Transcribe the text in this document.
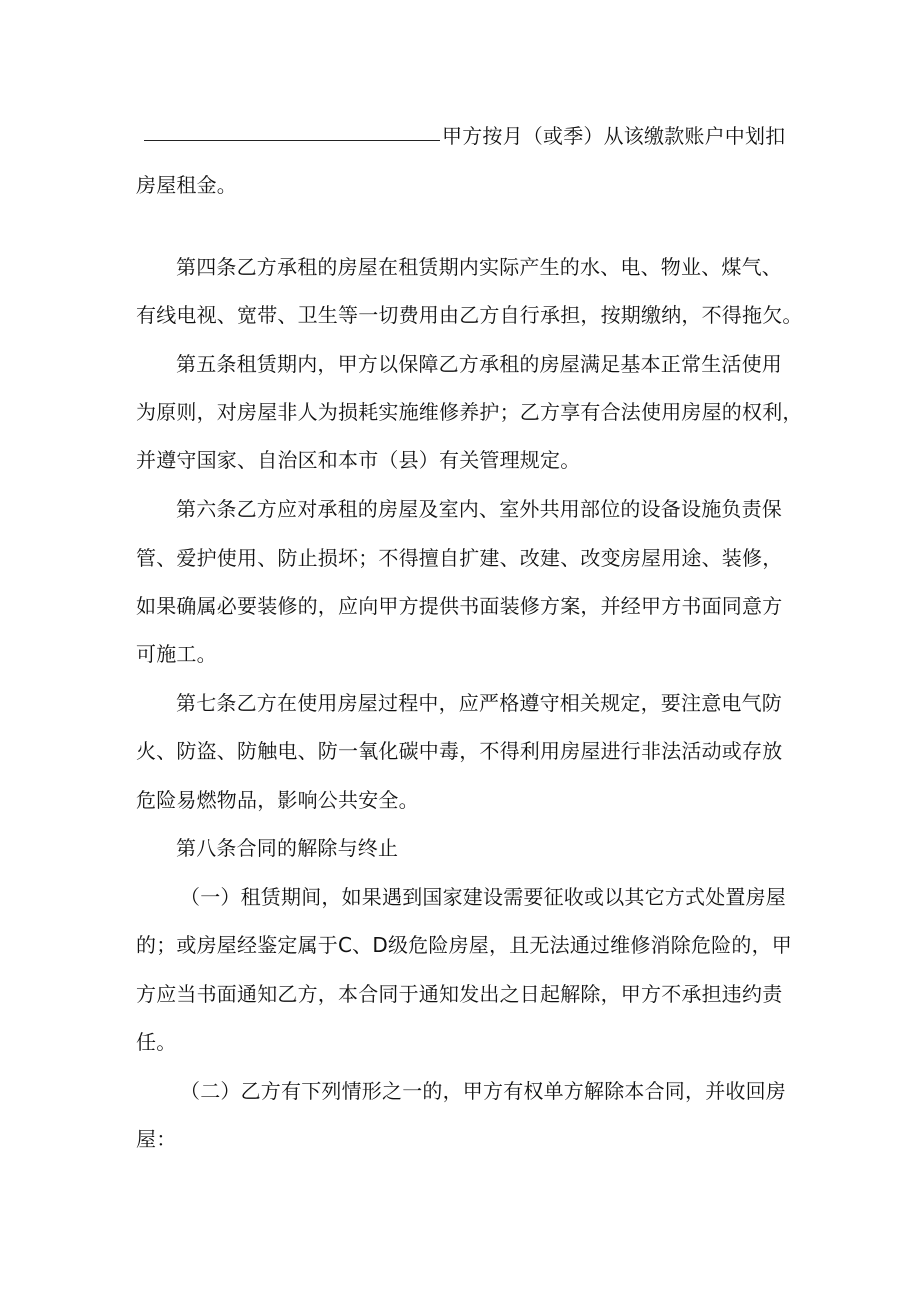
甲方按月（或季）从该缴款账户中划扣
房屋租金。
第四条乙方承租的房屋在租赁期内实际产生的水、电、物业、煤气、
有线电视、宽带、卫生等一切费用由乙方自行承担，按期缴纳，不得拖欠。
第五条租赁期内，甲方以保障乙方承租的房屋满足基本正常生活使用
为原则，对房屋非人为损耗实施维修养护；乙方享有合法使用房屋的权利，
并遵守国家、自治区和本市（县）有关管理规定。
第六条乙方应对承租的房屋及室内、室外共用部位的设备设施负责保
管、爱护使用、防止损坏；不得擅自扩建、改建、改变房屋用途、装修，
如果确属必要装修的，应向甲方提供书面装修方案，并经甲方书面同意方
可施工。
第七条乙方在使用房屋过程中，应严格遵守相关规定，要注意电气防
火、防盗、防触电、防一氧化碳中毒，不得利用房屋进行非法活动或存放
危险易燃物品，影响公共安全。
第八条合同的解除与终止
（一）租赁期间，如果遇到国家建设需要征收或以其它方式处置房屋
的；或房屋经鉴定属于C、D级危险房屋，且无法通过维修消除危险的，甲
方应当书面通知乙方，本合同于通知发出之日起解除，甲方不承担违约责
任。
（二）乙方有下列情形之一的，甲方有权单方解除本合同，并收回房
屋：
